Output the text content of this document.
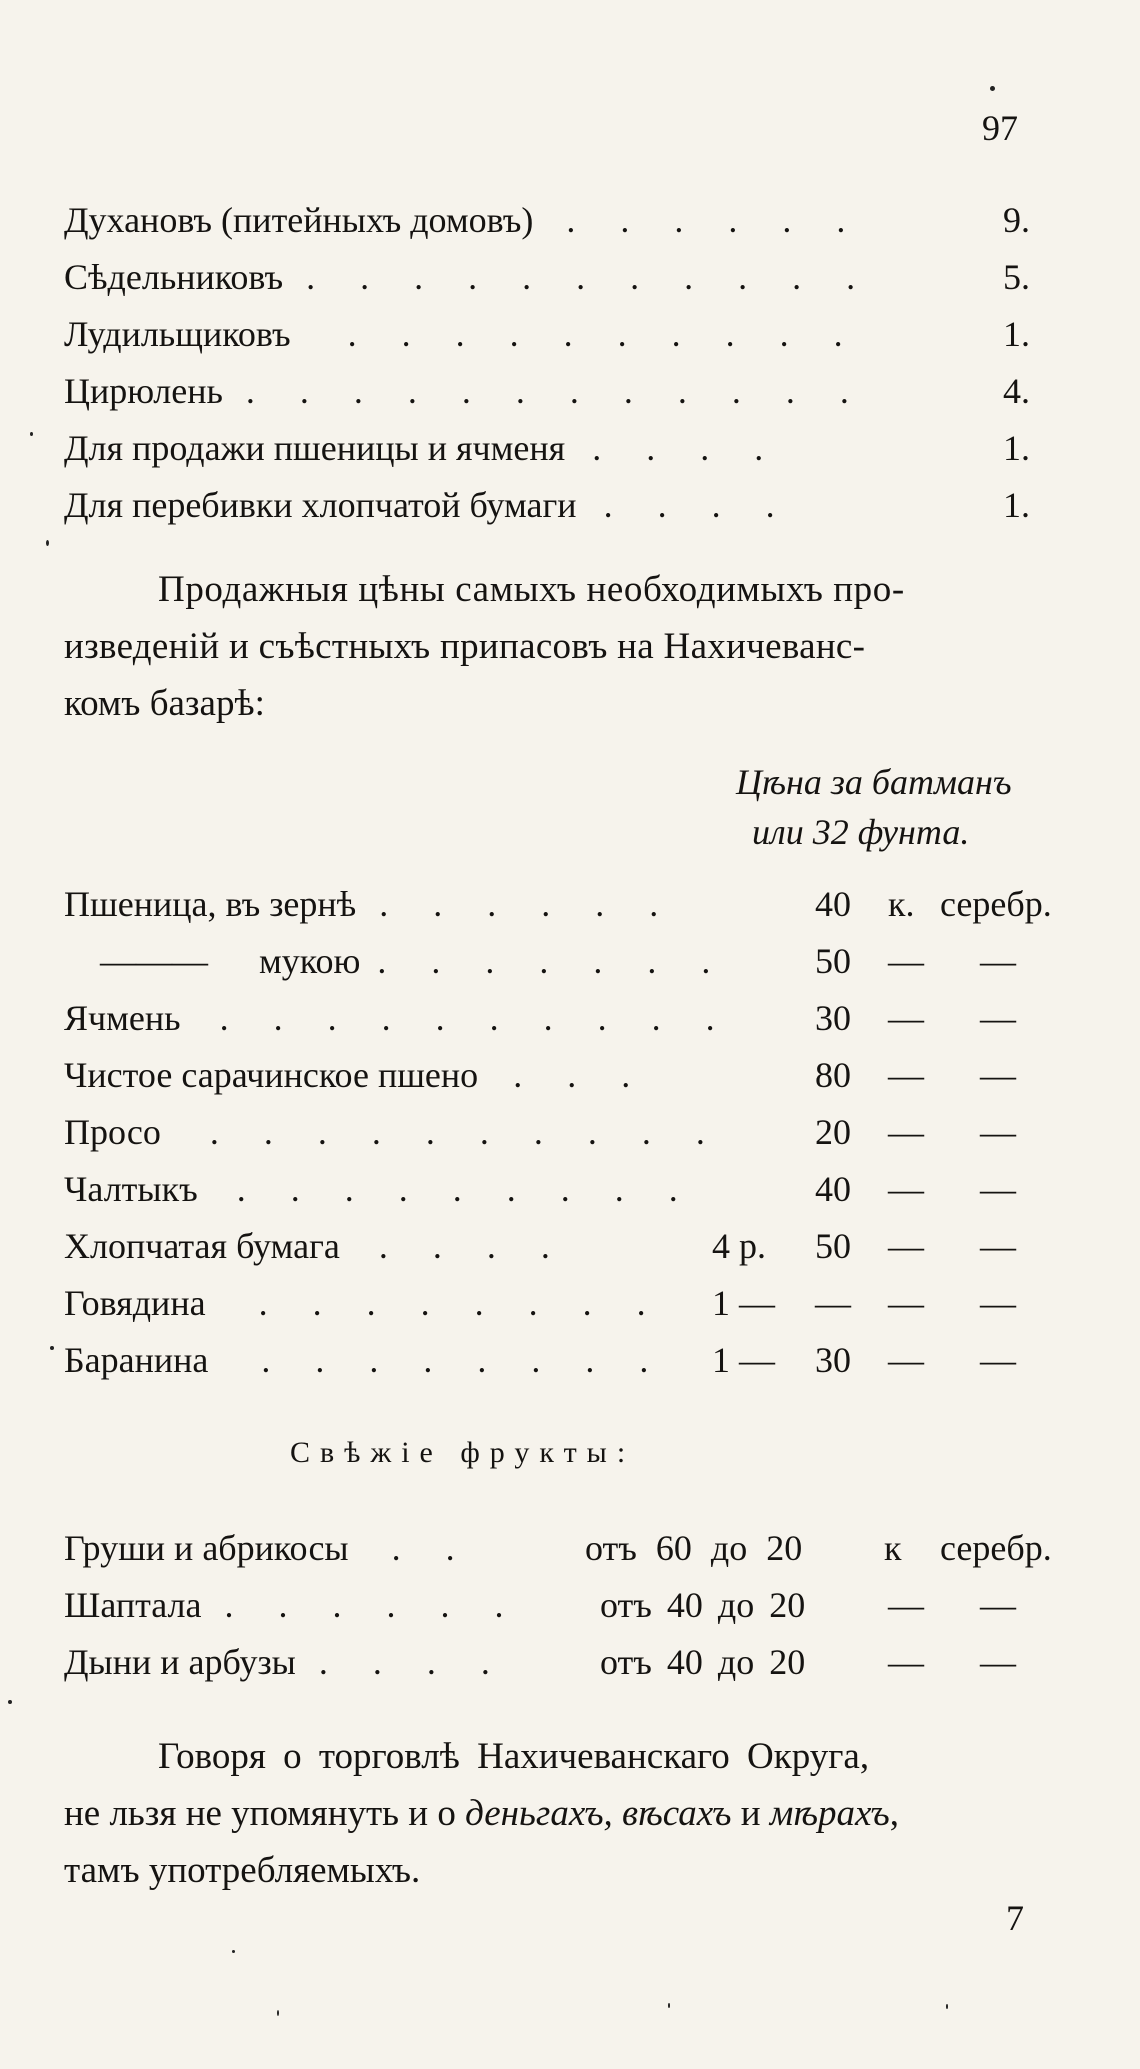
97
Духановъ (питейныхъ домовъ) . . . . . .	9.
Сѣдельниковъ . . . . . . . . . . .	5.
Лудильщиковъ . . . . . . . . . .	1.
Цирюлень . . . . . . . . . . . .	4.
Для продажи пшеницы и ячменя . . . .	1.
Для перебивки хлопчатой бумаги . . . .	1.
Продажныя цѣны самыхъ необходимыхъ про-
изведенiй и съѣстныхъ припасовъ на Нахичеванс-
комъ базарѣ:
Цѣна за батманъ
или 32 фунта.
Пшеница, въ зернѣ . . . . . .	40 к. серебр.
——— мукою . . . . . . . 50 — —
Ячмень . . . . . . . . . . 30 — —
Чистое сарачинское пшено . . .	80 — —
Просо . . . . . . . . . .	20 — —
Чалтыкъ . . . . . . . . .	40 — —
Хлопчатая бумага . . . .	4 р. 50 — —
Говядина . . . . . . . . 1 — — — —
Баранина . . . . . . . . 1 — 30 — —
Свѣжiе фрукты:
Груши и абрикосы . .	отъ 60 до 20 к серебр.
Шаптала . . . . . . отъ 40 до 20 — —
Дыни и арбузы . . . .	отъ 40 до 20 — —
Говоря о торговлѣ Нахичеванскаго Округа,
не льзя не упомянуть и о деньгахъ, вѣсахъ и мѣрахъ,
тамъ употребляемыхъ.
7
